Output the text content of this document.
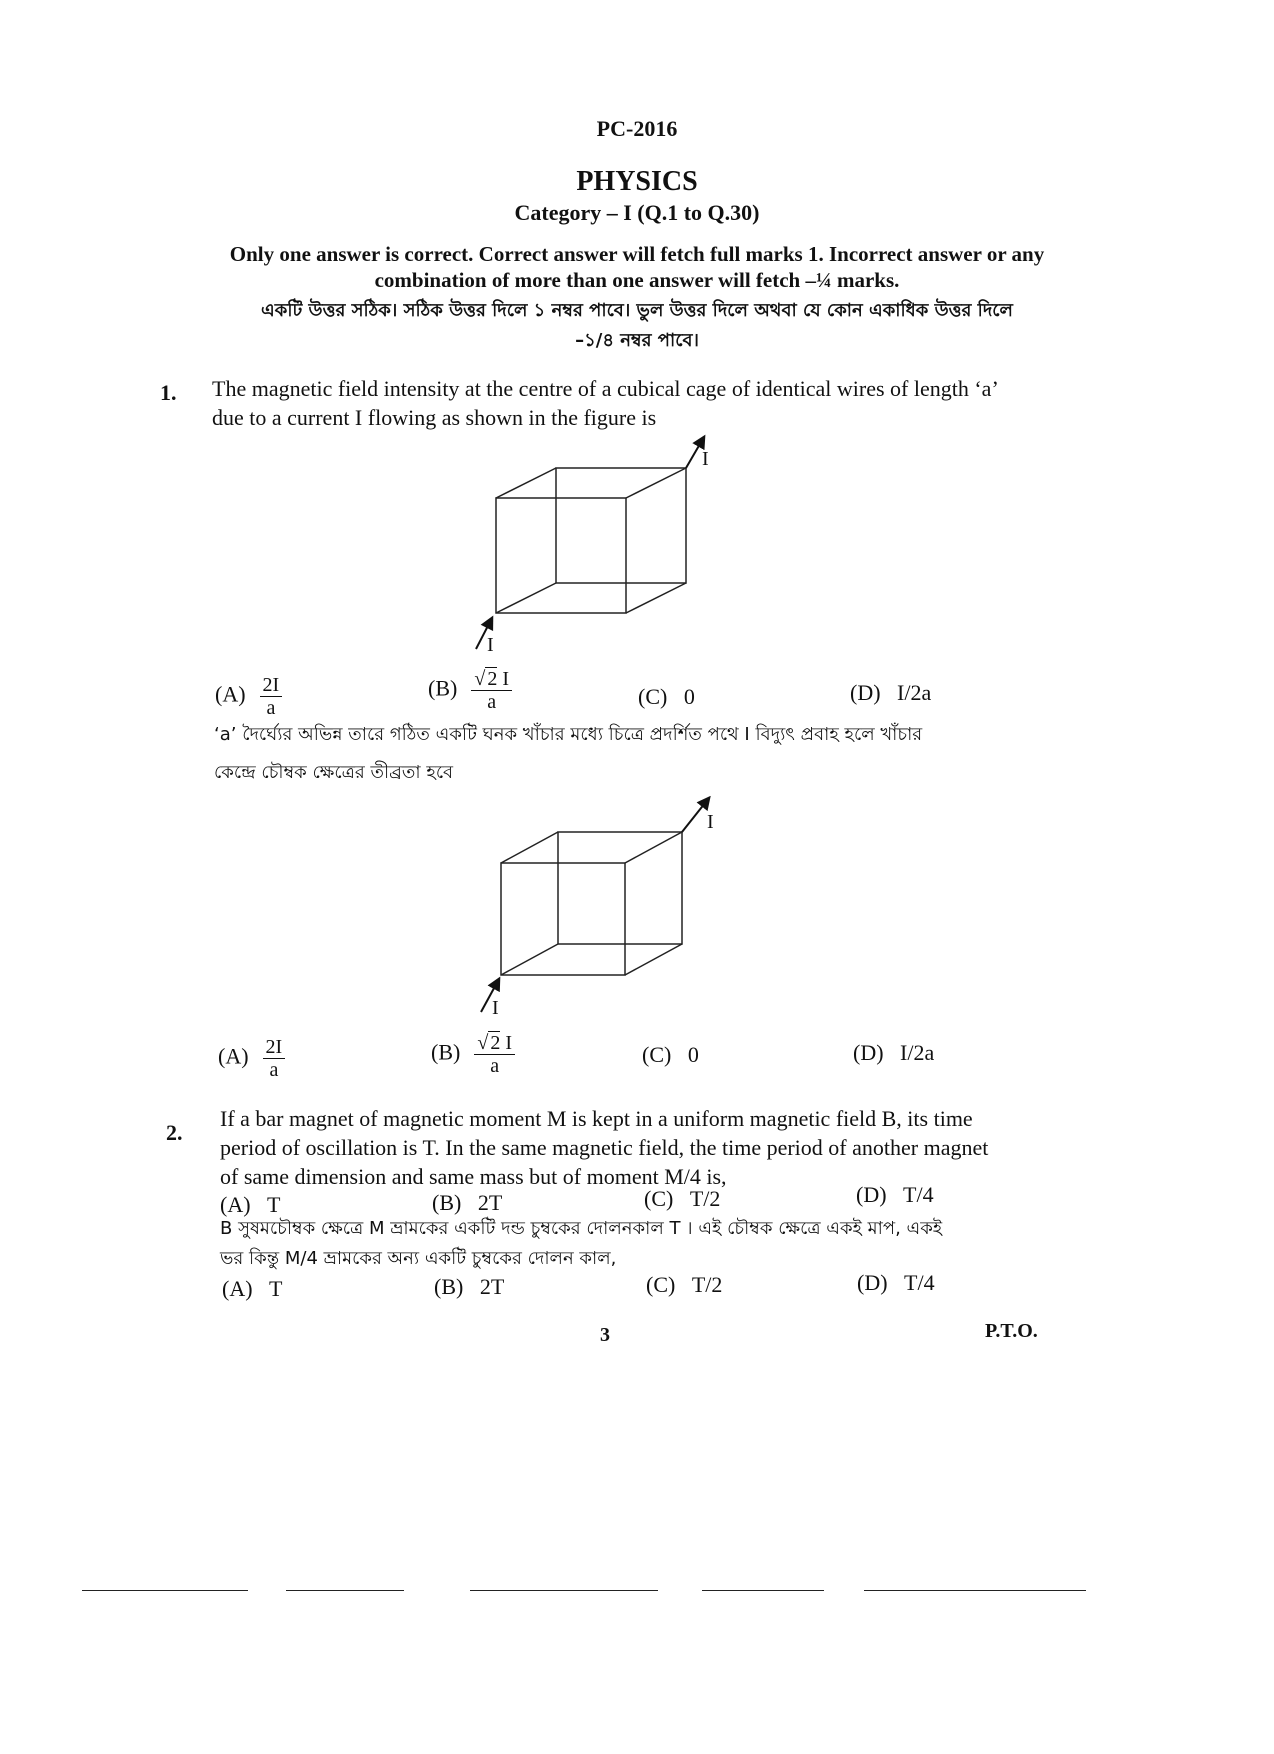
PC-2016
PHYSICS
Category – I (Q.1 to Q.30)
Only one answer is correct. Correct answer will fetch full marks 1. Incorrect answer or any
combination of more than one answer will fetch –¼ marks.
একটি উত্তর সঠিক। সঠিক উত্তর দিলে ১ নম্বর পাবে। ভুল উত্তর দিলে অথবা যে কোন একাধিক উত্তর দিলে
–১/৪ নম্বর পাবে।
1. The magnetic field intensity at the centre of a cubical cage of identical wires of length ‘a’
due to a current I flowing as shown in the figure is
I
I
$(A) \frac{2I}{a}$	$(B) \frac{√ 2 I}{a}$	(C) 0	(D) I/2a
‘a’ দৈর্ঘ্যের অভিন্ন তারে গঠিত একটি ঘনক খাঁচার মধ্যে চিত্রে প্রদর্শিত পথে I বিদ্যুৎ প্রবাহ হলে খাঁচার
কেন্দ্রে চৌম্বক ক্ষেত্রের তীব্রতা হবে
I
I
$(A) \frac{2I}{a}$	$(B) \frac{√ 2 I}{a}$	(C) 0	(D) I/2a
2.
If a bar magnet of magnetic moment M is kept in a uniform magnetic field B, its time
period of oscillation is T. In the same magnetic field, the time period of another magnet
of same dimension and same mass but of moment M/4 is,
(A) T	(B) 2T	(C) T/2	(D) T/4
B সুষমচৌম্বক ক্ষেত্রে M ভ্রামকের একটি দন্ড চুম্বকের দোলনকাল T । এই চৌম্বক ক্ষেত্রে একই মাপ, একই
ভর কিন্তু M/4 ভ্রামকের অন্য একটি চুম্বকের দোলন কাল,
(A) T	(B) 2T	(C) T/2	(D) T/4
3	P.T.O.
